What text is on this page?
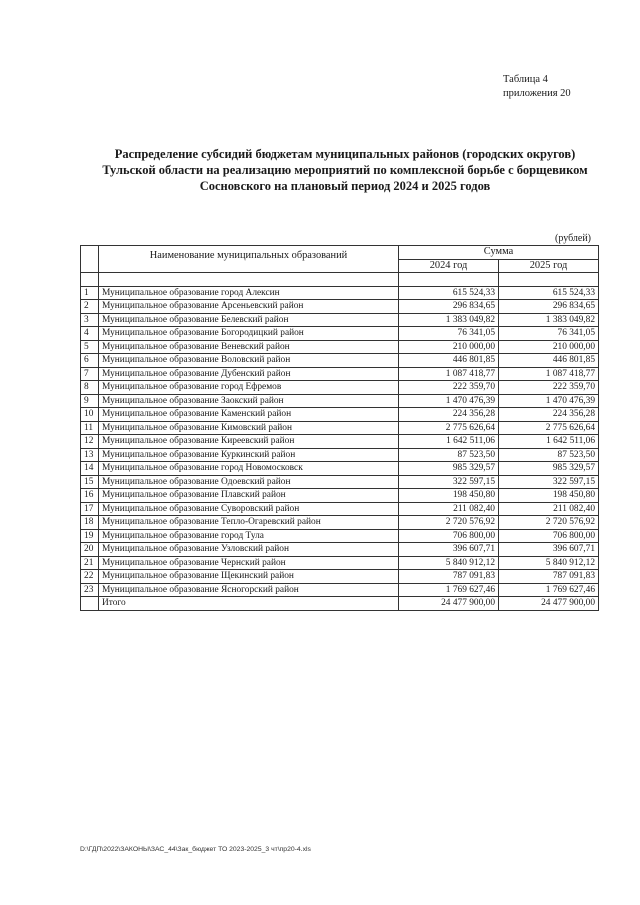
Таблица 4
приложения 20
Распределение субсидий бюджетам муниципальных районов (городских округов)
Тульской области на реализацию мероприятий по комплексной борьбе с борщевиком
Сосновского на плановый период 2024 и 2025 годов
(рублей)
	Наименование муниципальных образований	Сумма	
		2024 год	2025 год

1	Муниципальное образование город Алексин	615 524,33	615 524,33
2	Муниципальное образование Арсеньевский район	296 834,65	296 834,65
3	Муниципальное образование Белевский район	1 383 049,82	1 383 049,82
4	Муниципальное образование Богородицкий район	76 341,05	76 341,05
5	Муниципальное образование Веневский район	210 000,00	210 000,00
6	Муниципальное образование Воловский район	446 801,85	446 801,85
7	Муниципальное образование Дубенский район	1 087 418,77	1 087 418,77
8	Муниципальное образование город Ефремов	222 359,70	222 359,70
9	Муниципальное образование Заокский район	1 470 476,39	1 470 476,39
10	Муниципальное образование Каменский район	224 356,28	224 356,28
11	Муниципальное образование Кимовский район	2 775 626,64	2 775 626,64
12	Муниципальное образование Киреевский район	1 642 511,06	1 642 511,06
13	Муниципальное образование Куркинский район	87 523,50	87 523,50
14	Муниципальное образование город Новомосковск	985 329,57	985 329,57
15	Муниципальное образование Одоевский район	322 597,15	322 597,15
16	Муниципальное образование Плавский район	198 450,80	198 450,80
17	Муниципальное образование Суворовский район	211 082,40	211 082,40
18	Муниципальное образование Тепло-Огаревский район	2 720 576,92	2 720 576,92
19	Муниципальное образование город Тула	706 800,00	706 800,00
20	Муниципальное образование Узловский район	396 607,71	396 607,71
21	Муниципальное образование Чернский район	5 840 912,12	5 840 912,12
22	Муниципальное образование Щекинский район	787 091,83	787 091,83
23	Муниципальное образование Ясногорский район	1 769 627,46	1 769 627,46
	Итого	24 477 900,00	24 477 900,00
D:\ГДП\2022\ЗАКОНЫ\ЗАС_44\Зак_бюджет ТО 2023-2025_3 чт\пр20-4.xls
